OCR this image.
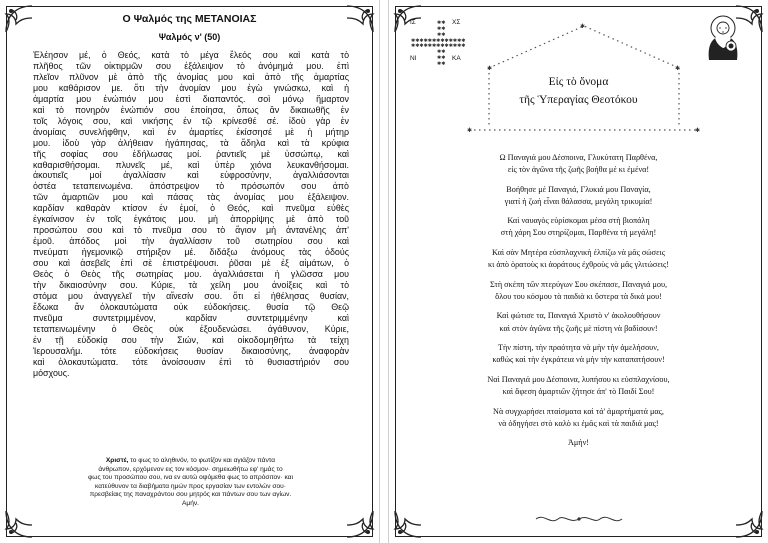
Ο Ψαλμός της ΜΕΤΑΝΟΙΑΣ
Ψαλμός ν' (50)
Ἐλέησον μέ, ὁ Θεός, κατὰ τὸ μέγα ἔλεός σου καὶ κατὰ τὸ
πλῆθος τῶν οἰκτιρμῶν σου ἐξάλειψον τὸ ἀνόμημά μου. ἐπὶ
πλεῖον πλῦνον μὲ ἀπὸ τῆς ἀνομίας μου καὶ ἀπὸ τῆς ἁμαρτίας
μου καθάρισον με. ὅτι τὴν ἀνομίαν μου ἐγὼ γινώσκω, καὶ ἡ
ἁμαρτία μου ἐνώπιόν μου ἐστὶ διαπαντός. σοὶ μόνῳ ἥμαρτον
καὶ τὸ πονηρὸν ἐνώπιόν σου ἐποίησα, ὅπως ἂν δικαιωθῆς ἐν
τοῖς λόγοις σου, καὶ νικήσης ἐν τῷ κρίνεσθέ σέ. ἰδοὺ γὰρ ἐν
ἀνομίαις συνελήφθην, καὶ ἐν ἁμαρτίες ἐκίσσησέ μὲ ἡ μήτηρ
μου. ἰδοὺ γὰρ ἀλήθειαν ἠγάπησας, τὰ ἄδηλα καὶ τὰ κρύφια
τῆς σοφίας σου ἐδήλωσας μοί. ῥαντιεῖς μὲ ὑσσώπῳ, καὶ
καθαρισθήσομαι. πλυνεῖς μέ, καὶ ὑπὲρ χιόνα λευκανθήσομαι.
ἀκουτιεῖς μοί ἀγαλλίασιν καὶ εὐφροσύνην, ἀγαλλιάσονται
ὀστέα τεταπεινωμένα. ἀπόστρεψον τὸ πρόσωπόν σου ἀπὸ
τῶν ἁμαρτιῶν μου καὶ πάσας τὰς ἀνομίας μου ἐξάλειψον.
καρδίαν καθαρὰν κτίσον ἐν ἐμοί, ὁ Θεός, καὶ πνεῦμα εὐθὲς
ἐγκαίνισον ἐν τοῖς ἐγκάτοις μου. μὴ ἀπορρίψης μὲ ἀπὸ τοῦ
προσώπου σου καὶ τὸ πνεῦμα σου τὸ ἅγιον μὴ ἀντανέλης ἀπ'
ἐμοῦ. ἀπόδος μοὶ τὴν ἀγαλλίασιν τοῦ σωτηρίου σου καὶ
πνεύματι ἡγεμονικῷ στήριξον μέ. διδάξω ἀνόμους τὰς ὁδούς
σου καὶ ἀσεβεῖς ἐπὶ σὲ ἐπιστρέψουσι. ῥῦσαι μὲ ἐξ αἱμάτων, ὁ
Θεὸς ὁ Θεὸς τῆς σωτηρίας μου. ἀγαλλιάσεται ἡ γλῶσσα μου
τὴν δικαιοσύνην σου. Κύριε, τὰ χείλη μου ἀνοίξεις καὶ τὸ
στόμα μου ἀναγγελεῖ τὴν αἴνεσίν σου. ὅτι εἰ ἠθέλησας θυσίαν,
ἔδωκα ἄν ὁλοκαυτώματα οὐκ εὐδοκήσεις. θυσία τῷ Θεῷ
πνεῦμα συντετριμμένον, καρδίαν συντετριμμένην καὶ
τεταπεινωμένην ὁ Θεὸς οὐκ ἐξουδενώσει. ἀγάθυνον, Κύριε,
ἐν τῇ εὐδοκίᾳ σου τὴν Σιών, καὶ οἰκοδομηθήτω τὰ τείχη
Ἱερουσαλήμ. τότε εὐδοκήσεις θυσίαν δικαιοσύνης, ἀναφορὰν
καὶ ὁλοκαυτώματα. τότε ἀνοίσουσιν ἐπὶ τὸ θυσιαστήριόν σου
μόσχους.
Χριστέ, το φως το αληθινόν, το φωτίζον και αγιάζον πάντα
άνθρωπον, ερχόμενον εις τον κόσμον· σημειωθήτω εφ' ημάς το
φως του προσώπου σου, ινα εν αυτώ οψόμεθα φως το απρόσιτον· και
κατεύθυνον τα διαβήματα ημών προς εργασίαν των εντολών σου·
πρεσβείαις της παναχράντου σου μητρός και πάντων σου των αγίων.
Αμήν.
✱✱
✱✱
✱✱
✱✱✱✱✱✱✱✱✱✱✱✱✱
✱✱✱✱✱✱✱✱✱✱✱✱✱
✱✱
✱✱
✱✱
ΙΣ	ΧΣ
ΝΙ	ΚΑ
✱
✱	✱
✱	✱
Εἰς τὸ ὄνομα
τῆς Ὑπεραγίας Θεοτόκου
Ω Παναγιά μου Δέσποινα, Γλυκύτατη Παρθένα,
εἰς τὸν ἀγῶνα τῆς ζωῆς βοήθα μέ κι ἐμένα!
Βοήθησε μέ Παναγιά, Γλυκιά μου Παναγία,
γιατί ἡ ζωή εἶναι θάλασσα, μεγάλη τρικυμία!
Καὶ ναυαγὸς εὑρίσκομαι μέσα στὴ βιοπάλη
στὴ χάρη Σου στηρίζομαι, Παρθένα τὴ μεγάλη!
Καὶ σὰν Μητέρα εὐσπλαχνικὴ ἐλπίζω νὰ μᾶς σώσεις
κι ἀπὸ ὁρατοὺς κι ἀοράτους ἐχθροὺς νὰ μᾶς γλιτώσεις!
Στὴ σκέπη τῶν πτερύγων Σου σκέπασε, Παναγιά μου,
ὅλου του κόσμου τὰ παιδιὰ κι ὕστερα τὰ δικά μου!
Καὶ φώτισε τα, Παναγιά Χριστὸ ν' ἀκολουθήσουν
καὶ στὸν ἀγῶνα τῆς ζωῆς μὲ πίστη νὰ βαδίσουν!
Τὴν πίστη, τὴν πραότητα νὰ μὴν τὴν ἀμελήσουν,
καθὼς καὶ τὴν ἐγκράτεια νὰ μὴν τὴν καταπατήσουν!
Ναὶ Παναγιά μου Δέσποινα, λυπήσου κι εὐσπλαχνίσου,
καὶ ἄφεση ἁμαρτιῶν ζήτησε ἀπ' τὸ Παιδί Σου!
Νὰ συγχωρήσει πταίσματα καὶ τά' ἁμαρτήματά μας,
νὰ ὁδηγήσει στὸ καλὸ κι ἐμᾶς καὶ τὰ παιδιά μας!
Ἀμήν!
